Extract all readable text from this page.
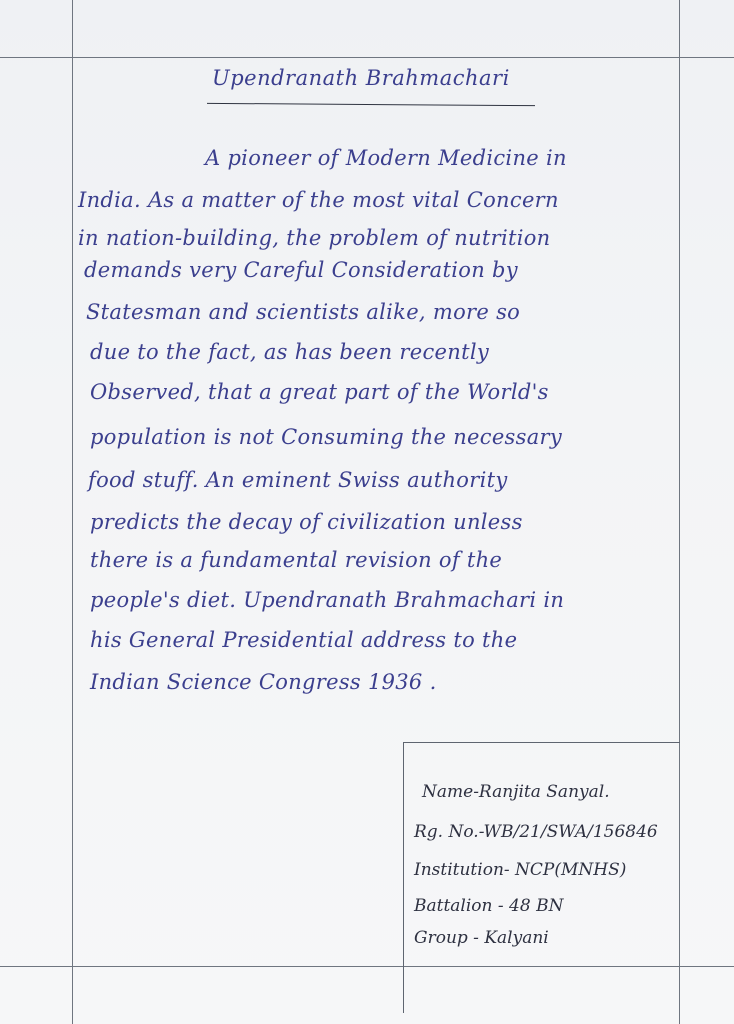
Upendranath Brahmachari
A pioneer of Modern Medicine in
India. As a matter of the most vital Concern
in nation-building, the problem of nutrition
demands very Careful Consideration by
Statesman and scientists alike, more so
due to the fact, as has been recently
Observed, that a great part of the World's
population is not Consuming the necessary
food stuff. An eminent Swiss authority
predicts the decay of civilization unless
there is a fundamental revision of the
people's diet. Upendranath Brahmachari in
his General Presidential address to the
Indian Science Congress 1936 .
Name-Ranjita Sanyal.
Rg. No.-WB/21/SWA/156846
Institution- NCP(MNHS)
Battalion - 48 BN
Group - Kalyani
